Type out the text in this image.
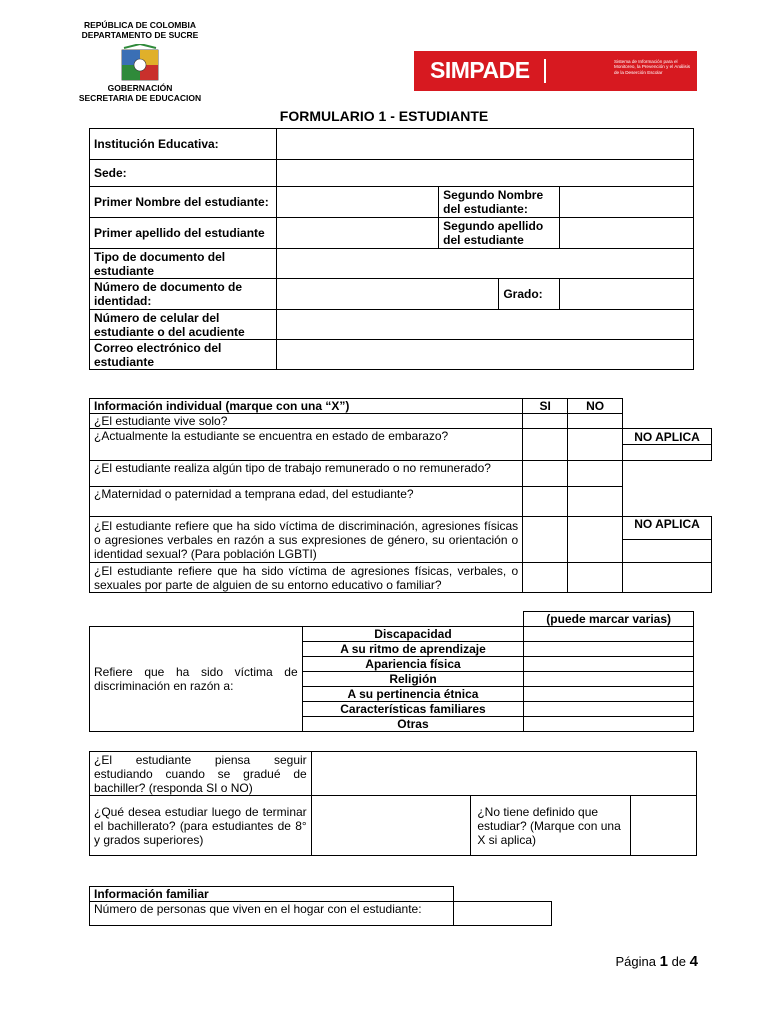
REPÚBLICA DE COLOMBIA
DEPARTAMENTO DE SUCRE
GOBERNACIÓN
SECRETARIA DE EDUCACION
SIMPADE	Sistema de Información para el Monitoreo, la Prevención y el Análisis de la Deserción Escolar
FORMULARIO 1 - ESTUDIANTE
Institución Educativa:				
Sede:				
Primer Nombre del estudiante:		Segundo Nombre del estudiante:		
Primer apellido del estudiante		Segundo apellido del estudiante		
Tipo de documento del estudiante				
Número de documento de identidad:			Grado:	
Número de celular del estudiante o del acudiente				
Correo electrónico del estudiante				
Información individual (marque con una “X”)	SI	NO	
¿El estudiante vive solo?			
¿Actualmente la estudiante se encuentra en estado de embarazo?			NO APLICA

¿El estudiante realiza algún tipo de trabajo remunerado o no remunerado?			
¿Maternidad o paternidad a temprana edad, del estudiante?			
¿El estudiante refiere que ha sido víctima de discriminación, agresiones físicas o agresiones verbales en razón a sus expresiones de género, su orientación o identidad sexual? (Para población LGBTI)			NO APLICA

¿El estudiante refiere que ha sido víctima de agresiones físicas, verbales, o sexuales por parte de alguien de su entorno educativo o familiar?			
		(puede marcar varias)
Refiere que ha sido víctima de discriminación en razón a:	Discapacidad	
	A su ritmo de aprendizaje	
	Apariencia física	
	Religión	
	A su pertinencia étnica	
	Características familiares	
	Otras	
¿El estudiante piensa seguir estudiando cuando se gradué de bachiller? (responda SI o NO)			
¿Qué desea estudiar luego de terminar el bachillerato? (para estudiantes de 8° y grados superiores)		¿No tiene definido que estudiar? (Marque con una X si aplica)	
Información familiar	
Número de personas que viven en el hogar con el estudiante:	
Página 1 de 4
